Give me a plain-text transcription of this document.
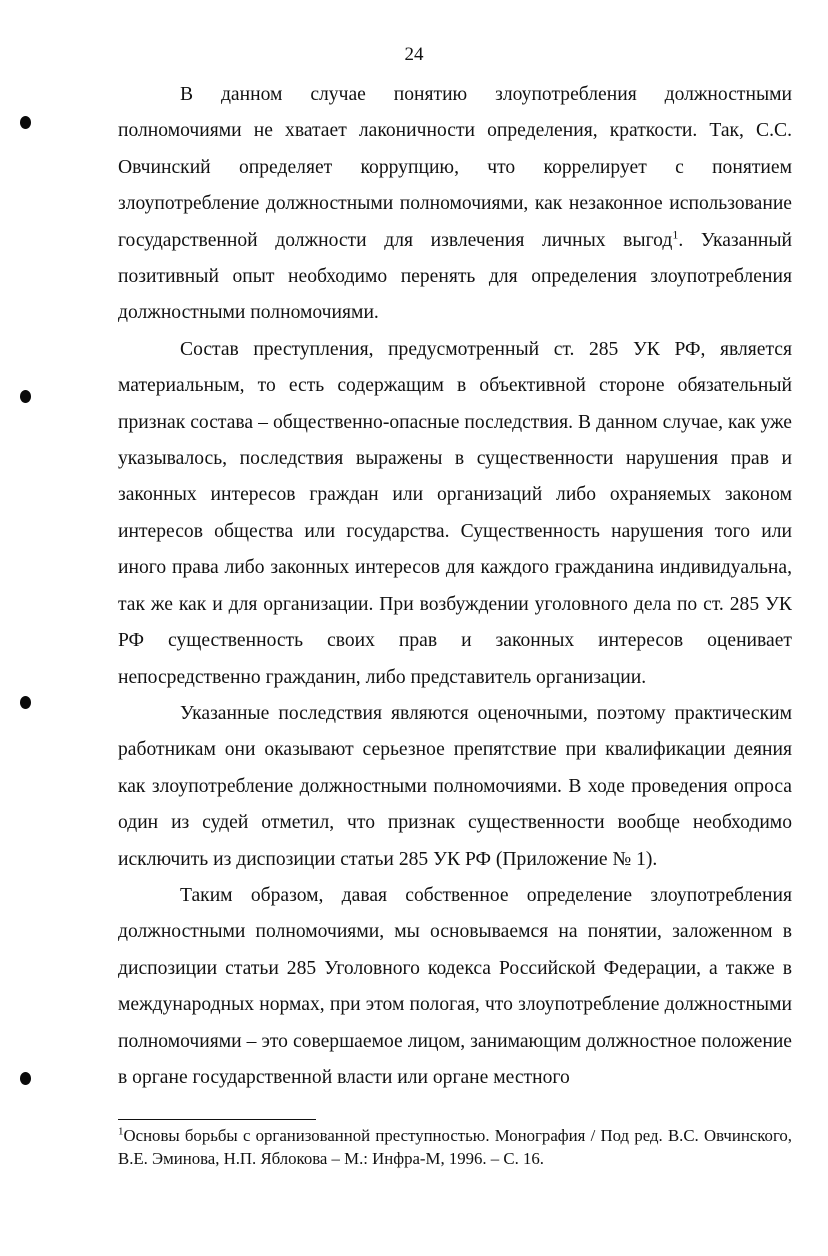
24

В данном случае понятию злоупотребления должностными полномочиями не хватает лаконичности определения, краткости. Так, С.С. Овчинский определяет коррупцию, что коррелирует с понятием злоупотребление должностными полномочиями, как незаконное использование государственной должности для извлечения личных выгод$^1$. Указанный позитивный опыт необходимо перенять для определения злоупотребления должностными полномочиями.

Состав преступления, предусмотренный ст. 285 УК РФ, является материальным, то есть содержащим в объективной стороне обязательный признак состава – общественно-опасные последствия. В данном случае, как уже указывалось, последствия выражены в существенности нарушения прав и законных интересов граждан или организаций либо охраняемых законом интересов общества или государства. Существенность нарушения того или иного права либо законных интересов для каждого гражданина индивидуальна, так же как и для организации. При возбуждении уголовного дела по ст. 285 УК РФ существенность своих прав и законных интересов оценивает непосредственно гражданин, либо представитель организации.

Указанные последствия являются оценочными, поэтому практическим работникам они оказывают серьезное препятствие при квалификации деяния как злоупотребление должностными полномочиями. В ходе проведения опроса один из судей отметил, что признак существенности вообще необходимо исключить из диспозиции статьи 285 УК РФ (Приложение № 1).

Таким образом, давая собственное определение злоупотребления должностными полномочиями, мы основываемся на понятии, заложенном в диспозиции статьи 285 Уголовного кодекса Российской Федерации, а также в международных нормах, при этом пологая, что злоупотребление должностными полномочиями – это совершаемое лицом, занимающим должностное положение в органе государственной власти или органе местного

$^1$Основы борьбы с организованной преступностью. Монография / Под ред. В.С. Овчинского, В.Е. Эминова, Н.П. Яблокова – М.: Инфра-М, 1996. – С. 16.
